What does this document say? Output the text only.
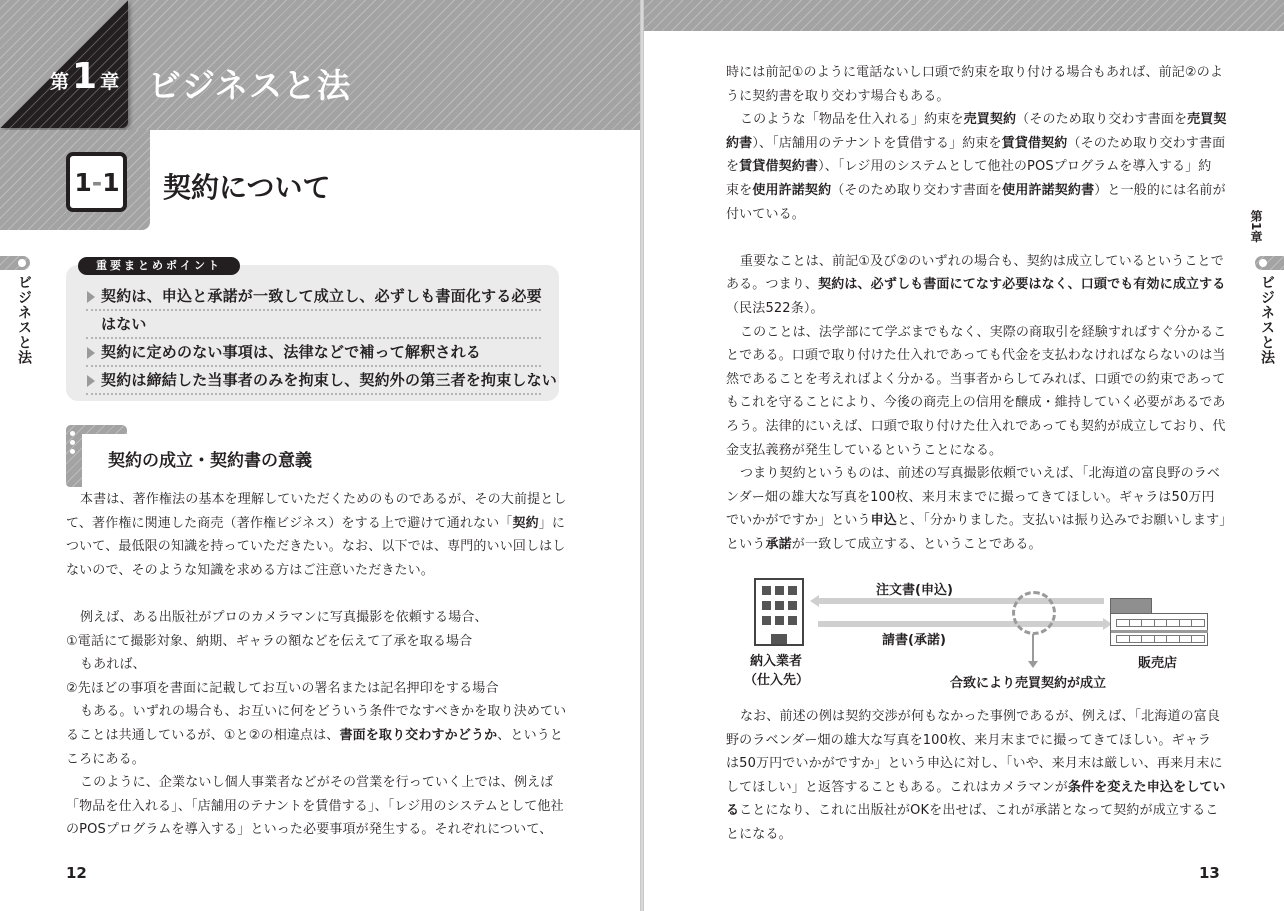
第 1 章 ビジネスと法
1 - 1 契約について
ビジネスと法
重要まとめポイント
契約は、申込と承諾が一致して成立し、必ずしも書面化する必要
はない
契約に定めのない事項は、法律などで補って解釈される
契約は締結した当事者のみを拘束し、契約外の第三者を拘束しない
契約の成立・契約書の意義

本書は、著作権法の基本を理解していただくためのものであるが、その大前提とし

て、著作権に関連した商売（著作権ビジネス）をする上で避けて通れない「契約」に

ついて、最低限の知識を持っていただきたい。なお、以下では、専門的いい回しはし

ないので、そのような知識を求める方はご注意いただきたい。

例えば、ある出版社がプロのカメラマンに写真撮影を依頼する場合、

①電話にて撮影対象、納期、ギャラの額などを伝えて了承を取る場合

もあれば、

②先ほどの事項を書面に記載してお互いの署名または記名押印をする場合

もある。いずれの場合も、お互いに何をどういう条件でなすべきかを取り決めてい

ることは共通しているが、①と②の相違点は、書面を取り交わすかどうか、というと

ころにある。

このように、企業ないし個人事業者などがその営業を行っていく上では、例えば

「物品を仕入れる」、「店舗用のテナントを賃借する」、「レジ用のシステムとして他社

のPOSプログラムを導入する」といった必要事項が発生する。それぞれについて、

12
第1章
ビジネスと法

時には前記①のように電話ないし口頭で約束を取り付ける場合もあれば、前記②のよ

うに契約書を取り交わす場合もある。

このような「物品を仕入れる」約束を売買契約（そのため取り交わす書面を売買契

約書）、「店舗用のテナントを賃借する」約束を賃貸借契約（そのため取り交わす書面

を賃貸借契約書）、「レジ用のシステムとして他社のPOSプログラムを導入する」約

束を使用許諾契約（そのため取り交わす書面を使用許諾契約書）と一般的には名前が

付いている。

重要なことは、前記①及び②のいずれの場合も、契約は成立しているということで

ある。つまり、契約は、必ずしも書面にてなす必要はなく、口頭でも有効に成立する

（民法522条）。

このことは、法学部にて学ぶまでもなく、実際の商取引を経験すればすぐ分かるこ

とである。口頭で取り付けた仕入れであっても代金を支払わなければならないのは当

然であることを考えればよく分かる。当事者からしてみれば、口頭での約束であって

もこれを守ることにより、今後の商売上の信用を醸成・維持していく必要があるであ

ろう。法律的にいえば、口頭で取り付けた仕入れであっても契約が成立しており、代

金支払義務が発生しているということになる。

つまり契約というものは、前述の写真撮影依頼でいえば、「北海道の富良野のラベ

ンダー畑の雄大な写真を100枚、来月末までに撮ってきてほしい。ギャラは50万円

でいかがですか」という申込と、「分かりました。支払いは振り込みでお願いします」

という承諾が一致して成立する、ということである。

納入業者
（仕入先）
注文書(申込)
請書(承諾)
合致により売買契約が成立
販売店

なお、前述の例は契約交渉が何もなかった事例であるが、例えば、「北海道の富良

野のラベンダー畑の雄大な写真を100枚、来月末までに撮ってきてほしい。ギャラ

は50万円でいかがですか」という申込に対し、「いや、来月末は厳しい、再来月末に

してほしい」と返答することもある。これはカメラマンが条件を変えた申込をしてい

ることになり、これに出版社がOKを出せば、これが承諾となって契約が成立するこ

とになる。

13
